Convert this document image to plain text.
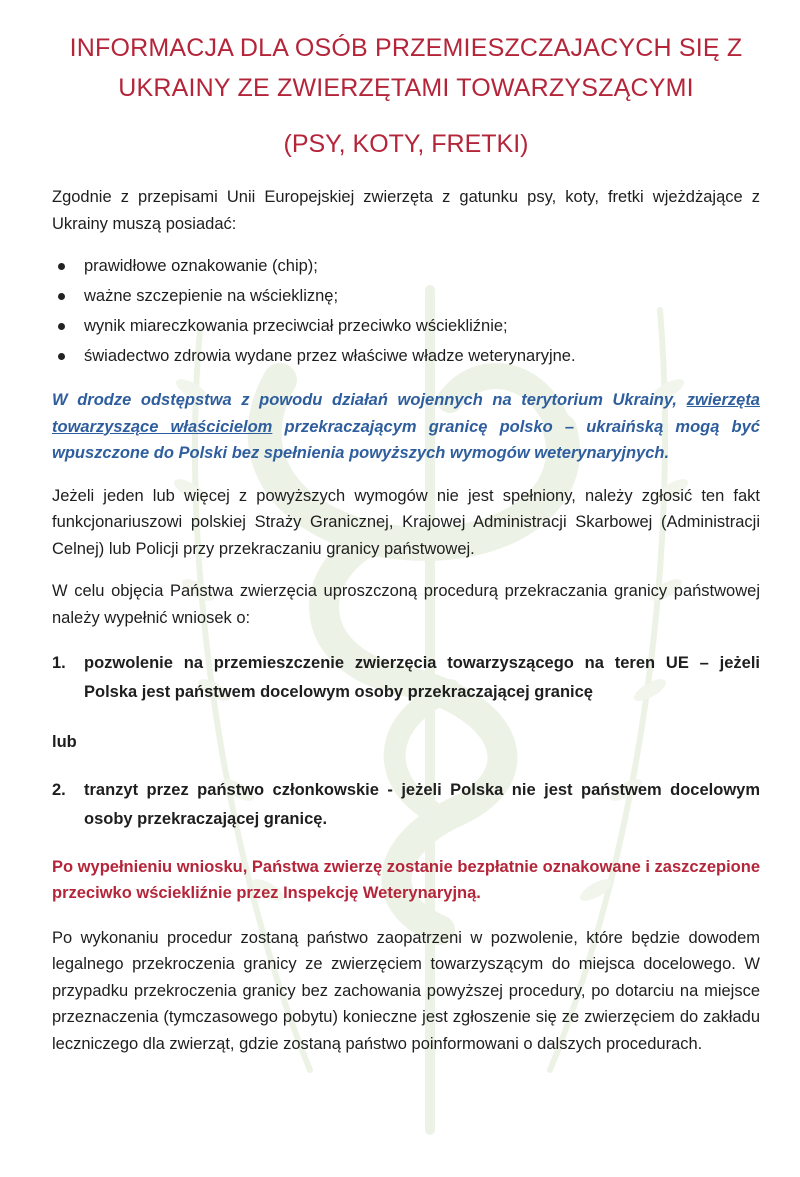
INFORMACJA DLA OSÓB PRZEMIESZCZAJACYCH SIĘ Z
UKRAINY ZE ZWIERZĘTAMI TOWARZYSZĄCYMI
(PSY, KOTY, FRETKI)

Zgodnie z przepisami Unii Europejskiej zwierzęta z gatunku psy, koty, fretki wjeżdżające z Ukrainy muszą posiadać:

prawidłowe oznakowanie (chip);
ważne szczepienie na wściekliznę;
wynik miareczkowania przeciwciał przeciwko wściekliźnie;
świadectwo zdrowia wydane przez właściwe władze weterynaryjne.

W drodze odstępstwa z powodu działań wojennych na terytorium Ukrainy, zwierzęta towarzyszące właścicielom przekraczającym granicę polsko – ukraińską mogą być wpuszczone do Polski bez spełnienia powyższych wymogów weterynaryjnych.

Jeżeli jeden lub więcej z powyższych wymogów nie jest spełniony, należy zgłosić ten fakt funkcjonariuszowi polskiej Straży Granicznej, Krajowej Administracji Skarbowej (Administracji Celnej) lub Policji przy przekraczaniu granicy państwowej.

W celu objęcia Państwa zwierzęcia uproszczoną procedurą przekraczania granicy państwowej należy wypełnić wniosek o:

1.	pozwolenie na przemieszczenie zwierzęcia towarzyszącego na teren UE – jeżeli Polska jest państwem docelowym osoby przekraczającej granicę

lub

2.	tranzyt przez państwo członkowskie - jeżeli Polska nie jest państwem docelowym osoby przekraczającej granicę.

Po wypełnieniu wniosku, Państwa zwierzę zostanie bezpłatnie oznakowane i zaszczepione przeciwko wściekliźnie przez Inspekcję Weterynaryjną.

Po wykonaniu procedur zostaną państwo zaopatrzeni w pozwolenie, które będzie dowodem legalnego przekroczenia granicy ze zwierzęciem towarzyszącym do miejsca docelowego. W przypadku przekroczenia granicy bez zachowania powyższej procedury, po dotarciu na miejsce przeznaczenia (tymczasowego pobytu) konieczne jest zgłoszenie się ze zwierzęciem do zakładu leczniczego dla zwierząt, gdzie zostaną państwo poinformowani o dalszych procedurach.
